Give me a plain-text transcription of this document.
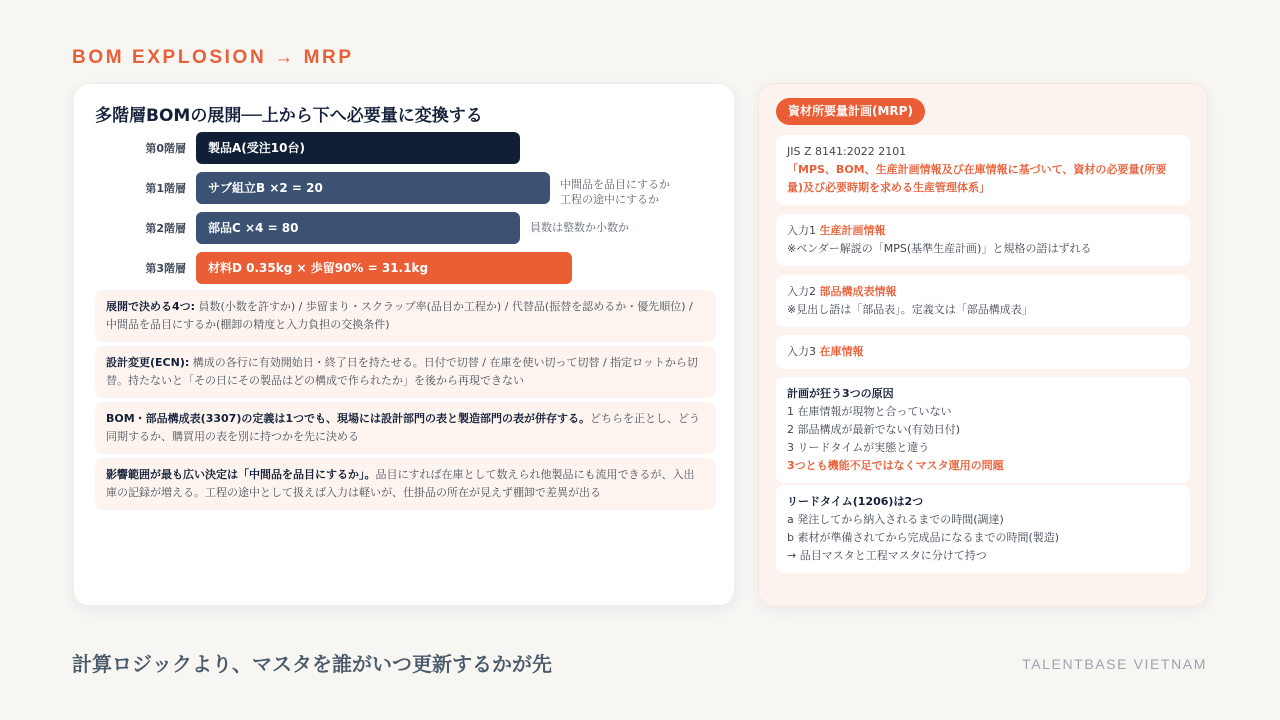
BOM EXPLOSION → MRP
多階層BOMの展開──上から下へ必要量に変換する
第0階層	製品A(受注10台)
第1階層	サブ組立B ×2 = 20	中間品を品目にするか
工程の途中にするか
第2階層	部品C ×4 = 80	員数は整数か小数か
第3階層	材料D 0.35kg × 歩留90% = 31.1kg
展開で決める4つ: 員数(小数を許すか) / 歩留まり・スクラップ率(品目か工程か) / 代替品(振替を認めるか・優先順位) / 中間品を品目にするか(棚卸の精度と入力負担の交換条件)
設計変更(ECN): 構成の各行に有効開始日・終了日を持たせる。日付で切替 / 在庫を使い切って切替 / 指定ロットから切替。持たないと「その日にその製品はどの構成で作られたか」を後から再現できない
BOM・部品構成表(3307)の定義は1つでも、現場には設計部門の表と製造部門の表が併存する。どちらを正とし、どう同期するか、購買用の表を別に持つかを先に決める
影響範囲が最も広い決定は「中間品を品目にするか」。品目にすれば在庫として数えられ他製品にも流用できるが、入出庫の記録が増える。工程の途中として扱えば入力は軽いが、仕掛品の所在が見えず棚卸で差異が出る
資材所要量計画(MRP)
JIS Z 8141:2022 2101
「MPS、BOM、生産計画情報及び在庫情報に基づいて、資材の必要量(所要量)及び必要時期を求める生産管理体系」
入力1 生産計画情報
※ベンダー解説の「MPS(基準生産計画)」と規格の語はずれる
入力2 部品構成表情報
※見出し語は「部品表」。定義文は「部品構成表」
入力3 在庫情報
計画が狂う3つの原因
1 在庫情報が現物と合っていない
2 部品構成が最新でない(有効日付)
3 リードタイムが実態と違う
3つとも機能不足ではなくマスタ運用の問題
リードタイム(1206)は2つ
a 発注してから納入されるまでの時間(調達)
b 素材が準備されてから完成品になるまでの時間(製造)
→ 品目マスタと工程マスタに分けて持つ
計算ロジックより、マスタを誰がいつ更新するかが先	TALENTBASE VIETNAM
